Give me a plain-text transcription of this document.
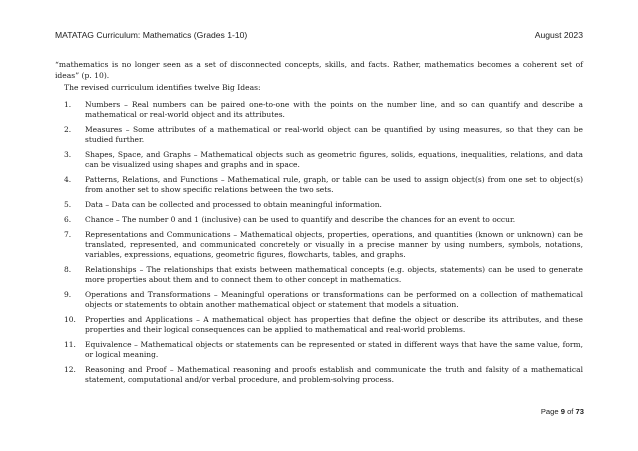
MATATAG Curriculum: Mathematics (Grades 1-10)	August 2023

“mathematics is no longer seen as a set of disconnected concepts, skills, and facts. Rather, mathematics becomes a coherent set of ideas” (p. 10).

The revised curriculum identifies twelve Big Ideas:
1.	Numbers – Real numbers can be paired one-to-one with the points on the number line, and so can quantify and describe a mathematical or real-world object and its attributes.
2.	Measures – Some attributes of a mathematical or real-world object can be quantified by using measures, so that they can be studied further.
3.	Shapes, Space, and Graphs – Mathematical objects such as geometric figures, solids, equations, inequalities, relations, and data can be visualized using shapes and graphs and in space.
4.	Patterns, Relations, and Functions – Mathematical rule, graph, or table can be used to assign object(s) from one set to object(s) from another set to show specific relations between the two sets.
5.	Data – Data can be collected and processed to obtain meaningful information.
6.	Chance – The number 0 and 1 (inclusive) can be used to quantify and describe the chances for an event to occur.
7.	Representations and Communications – Mathematical objects, properties, operations, and quantities (known or unknown) can be translated, represented, and communicated concretely or visually in a precise manner by using numbers, symbols, notations, variables, expressions, equations, geometric figures, flowcharts, tables, and graphs.
8.	Relationships – The relationships that exists between mathematical concepts (e.g. objects, statements) can be used to generate more properties about them and to connect them to other concept in mathematics.
9.	Operations and Transformations – Meaningful operations or transformations can be performed on a collection of mathematical objects or statements to obtain another mathematical object or statement that models a situation.
10.	Properties and Applications – A mathematical object has properties that define the object or describe its attributes, and these properties and their logical consequences can be applied to mathematical and real-world problems.
11.	Equivalence – Mathematical objects or statements can be represented or stated in different ways that have the same value, form, or logical meaning.
12.	Reasoning and Proof – Mathematical reasoning and proofs establish and communicate the truth and falsity of a mathematical statement, computational and/or verbal procedure, and problem-solving process.
Page 9 of 73
